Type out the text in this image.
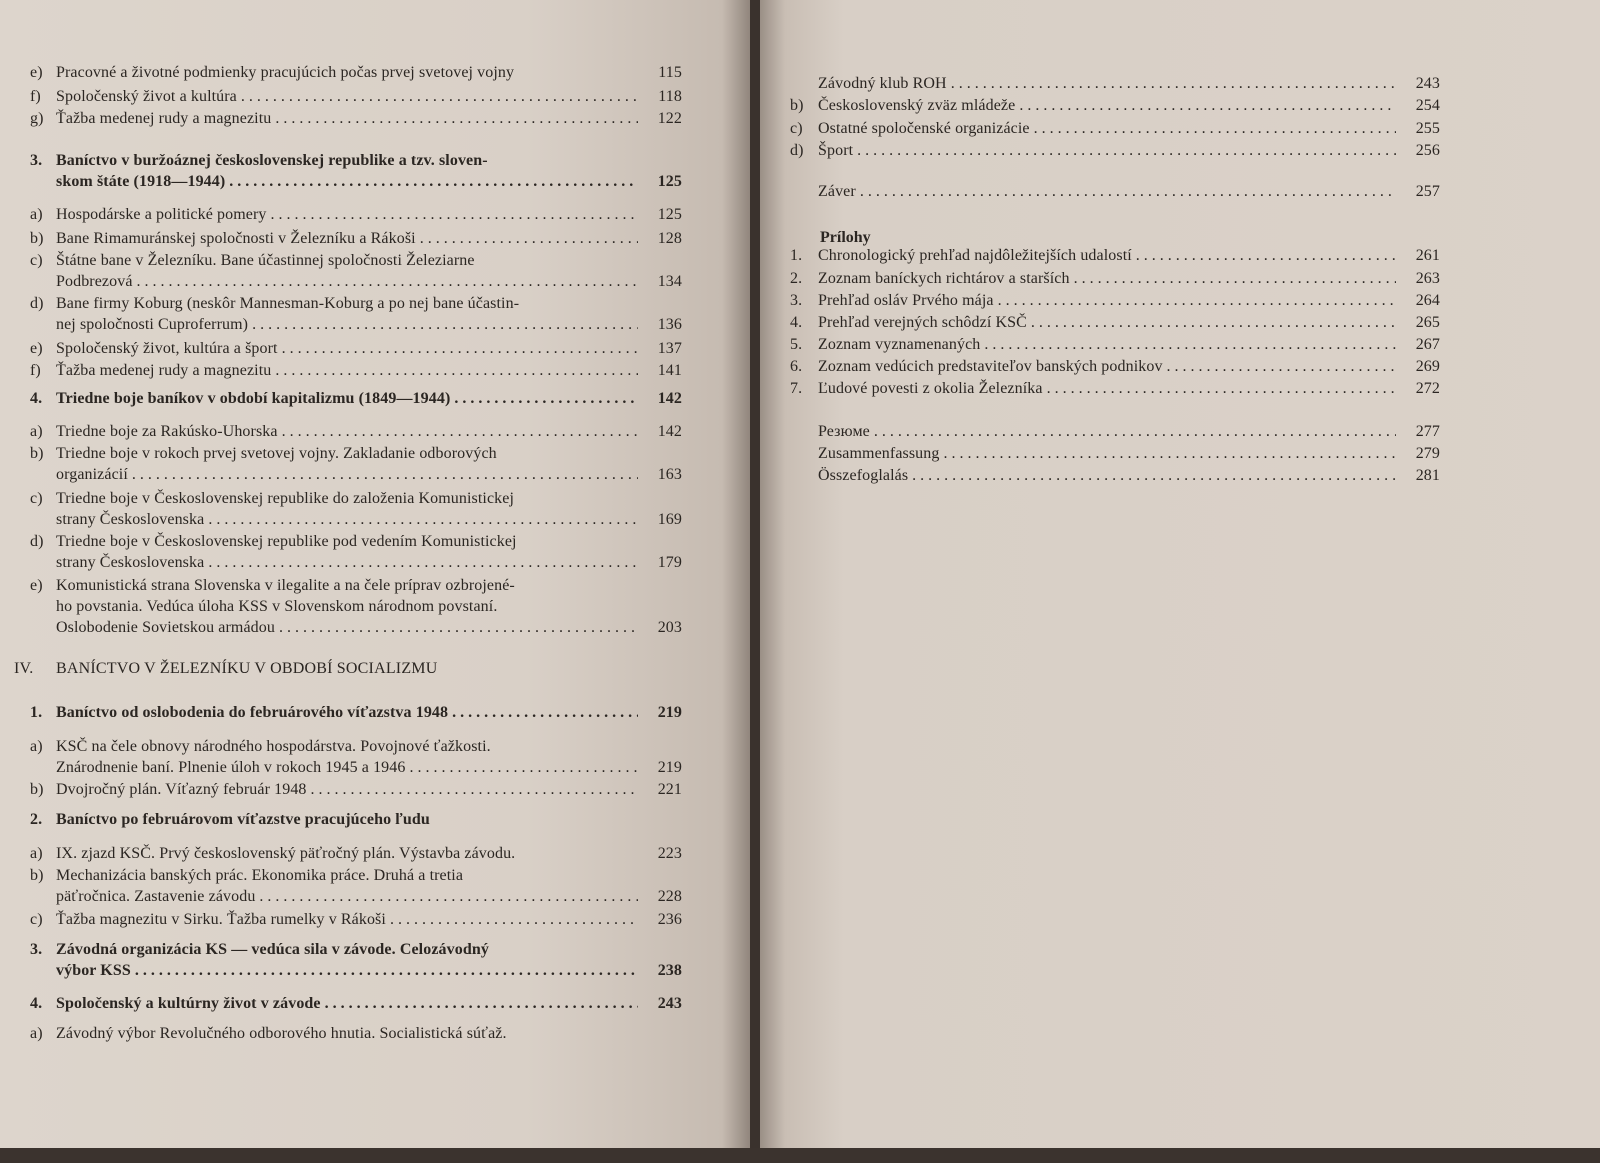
e) Pracovné a životné podmienky pracujúcich počas prvej svetovej vojny	115
f) Spoločenský život a kultúra . . .	118
g) Ťažba medenej rudy a magnezitu . . .	122
3. Baníctvo v buržoáznej československej republike a tzv. sloven-
skom štáte (1918—1944) . . .	125
a) Hospodárske a politické pomery . . .	125
b) Bane Rimamuránskej spoločnosti v Železníku a Rákoši . . .	128
c) Štátne bane v Železníku. Bane účastinnej spoločnosti Železiarne
Podbrezová . . .	134
d) Bane firmy Koburg (neskôr Mannesman-Koburg a po nej bane účastin-
nej spoločnosti Cuproferrum) . . .	136
e) Spoločenský život, kultúra a šport . . .	137
f) Ťažba medenej rudy a magnezitu . . .	141
4. Triedne boje baníkov v období kapitalizmu (1849—1944) . . .	142
a) Triedne boje za Rakúsko-Uhorska . . .	142
b) Triedne boje v rokoch prvej svetovej vojny. Zakladanie odborových
organizácií . . .	163
c) Triedne boje v Československej republike do založenia Komunistickej
strany Československa . . .	169
d) Triedne boje v Československej republike pod vedením Komunistickej
strany Československa . . .	179
e) Komunistická strana Slovenska v ilegalite a na čele príprav ozbrojené-
ho povstania. Vedúca úloha KSS v Slovenskom národnom povstaní.
Oslobodenie Sovietskou armádou . . .	203
IV. BANÍCTVO V ŽELEZNÍKU V OBDOBÍ SOCIALIZMU
1. Baníctvo od oslobodenia do februárového víťazstva 1948 . . .	219
a) KSČ na čele obnovy národného hospodárstva. Povojnové ťažkosti.
Znárodnenie baní. Plnenie úloh v rokoch 1945 a 1946 . . .	219
b) Dvojročný plán. Víťazný február 1948 . . .	221
2. Baníctvo po februárovom víťazstve pracujúceho ľudu
a) IX. zjazd KSČ. Prvý československý päťročný plán. Výstavba závodu.	223
b) Mechanizácia banských prác. Ekonomika práce. Druhá a tretia
päťročnica. Zastavenie závodu . . .	228
c) Ťažba magnezitu v Sirku. Ťažba rumelky v Rákoši . . .	236
3. Závodná organizácia KS — vedúca sila v závode. Celozávodný
výbor KSS . . .	238
4. Spoločenský a kultúrny život v závode . . .	243
a) Závodný výbor Revolučného odborového hnutia. Socialistická súťaž.
Prílohy
Závodný klub ROH . . .	243
b) Československý zväz mládeže . . .	254
c) Ostatné spoločenské organizácie . . .	255
d) Šport . . .	256
Záver . . .	257
1. Chronologický prehľad najdôležitejších udalostí . . .	261
2. Zoznam baníckych richtárov a starších . . .	263
3. Prehľad osláv Prvého mája . . .	264
4. Prehľad verejných schôdzí KSČ . . .	265
5. Zoznam vyznamenaných . . .	267
6. Zoznam vedúcich predstaviteľov banských podnikov . . .	269
7. Ľudové povesti z okolia Železníka . . .	272
Резюме . . .	277
Zusammenfassung . . .	279
Összefoglalás . . .	281
